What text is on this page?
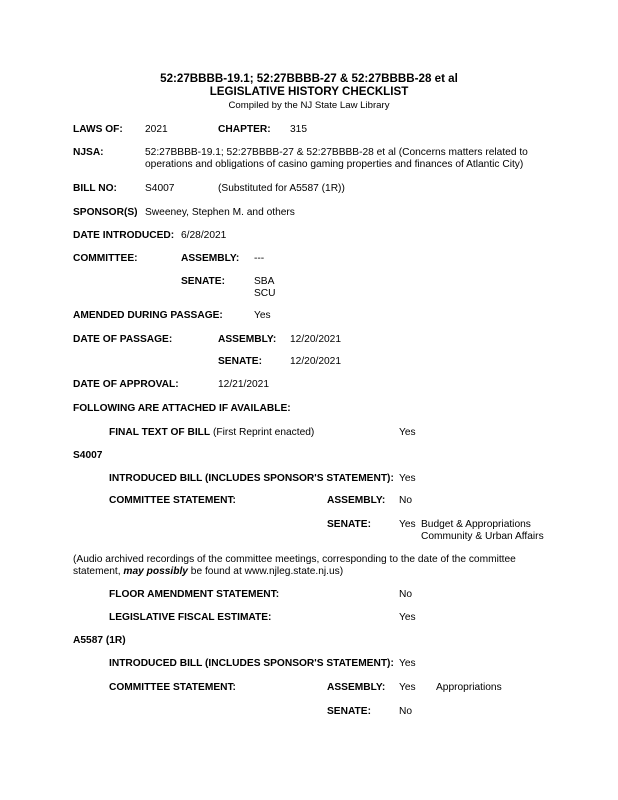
52:27BBBB-19.1; 52:27BBBB-27 & 52:27BBBB-28 et al
LEGISLATIVE HISTORY CHECKLIST
Compiled by the NJ State Law Library
LAWS OF: 2021	CHAPTER: 315
NJSA:	52:27BBBB-19.1; 52:27BBBB-27 & 52:27BBBB-28 et al (Concerns matters related to
operations and obligations of casino gaming properties and finances of Atlantic City)
BILL NO:	S4007	(Substituted for A5587 (1R))
SPONSOR(S) Sweeney, Stephen M. and others
DATE INTRODUCED: 6/28/2021
COMMITTEE:	ASSEMBLY: ---
SENATE:	SBA
SCU
AMENDED DURING PASSAGE:	Yes
DATE OF PASSAGE:	ASSEMBLY: 12/20/2021
SENATE:	12/20/2021
DATE OF APPROVAL:	12/21/2021
FOLLOWING ARE ATTACHED IF AVAILABLE:
FINAL TEXT OF BILL (First Reprint enacted)	Yes
S4007
INTRODUCED BILL (INCLUDES SPONSOR'S STATEMENT): Yes
COMMITTEE STATEMENT:	ASSEMBLY: No
SENATE:	Yes Budget & Appropriations
Community & Urban Affairs
(Audio archived recordings of the committee meetings, corresponding to the date of the committee
statement, may possibly be found at www.njleg.state.nj.us)
FLOOR AMENDMENT STATEMENT:	No
LEGISLATIVE FISCAL ESTIMATE:	Yes
A5587 (1R)
INTRODUCED BILL (INCLUDES SPONSOR'S STATEMENT): Yes
COMMITTEE STATEMENT:	ASSEMBLY: Yes Appropriations
SENATE:	No
